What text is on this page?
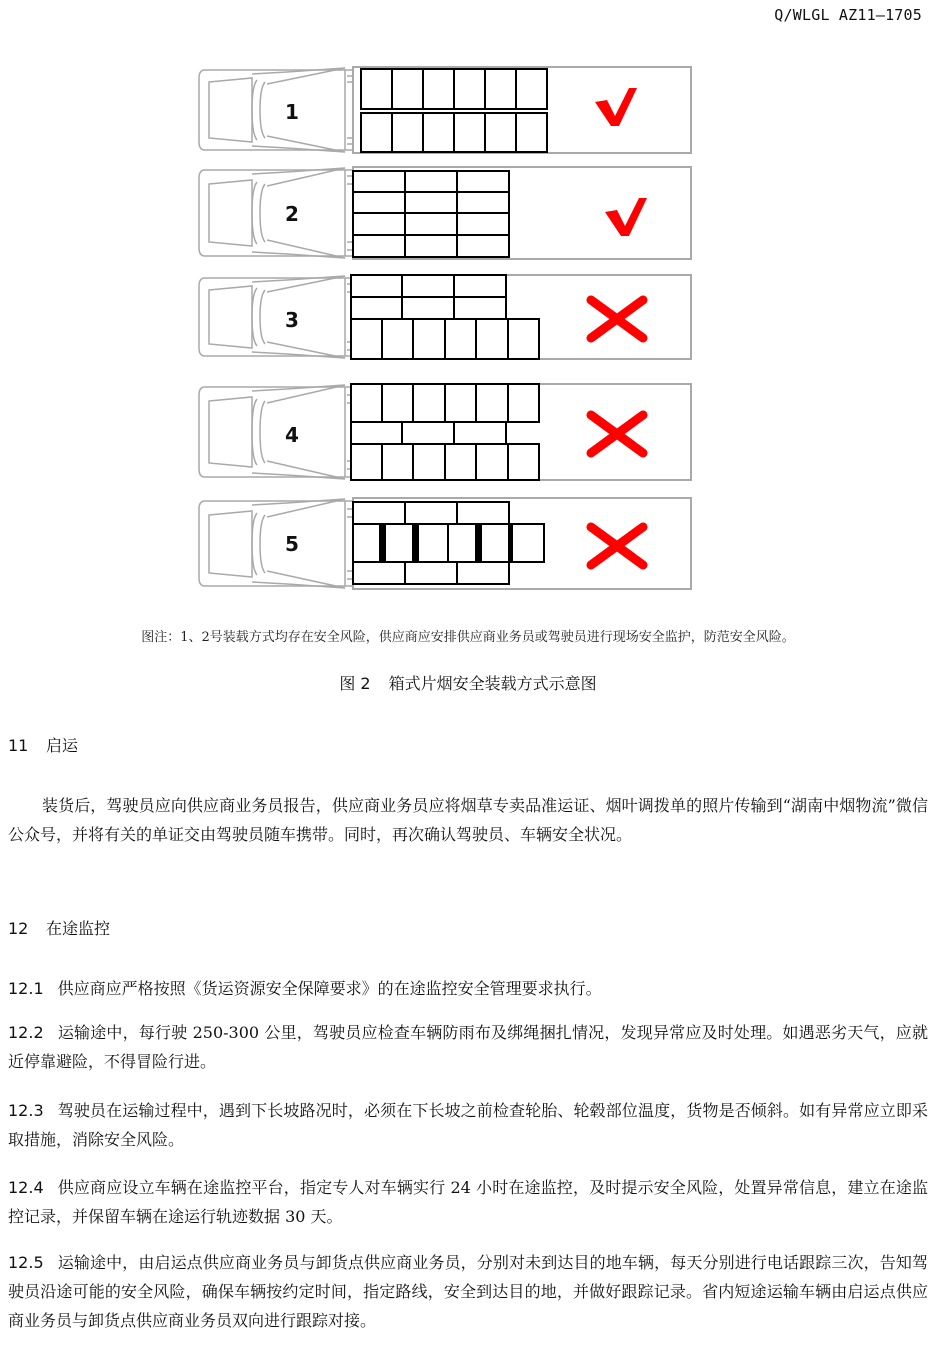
Q/WLGL AZ11—1705
1
2
3
4
5
图注：1、2号装载方式均存在安全风险，供应商应安排供应商业务员或驾驶员进行现场安全监护，防范安全风险。
图 2 箱式片烟安全装载方式示意图
11 启运
装货后，驾驶员应向供应商业务员报告，供应商业务员应将烟草专卖品准运证、烟叶调拨单的照片传输到“湖南中烟物流”微信公众号，并将有关的单证交由驾驶员随车携带。同时，再次确认驾驶员、车辆安全状况。
12 在途监控
12.1 供应商应严格按照《货运资源安全保障要求》的在途监控安全管理要求执行。
12.2 运输途中，每行驶 250-300 公里，驾驶员应检查车辆防雨布及绑绳捆扎情况，发现异常应及时处理。如遇恶劣天气，应就近停靠避险，不得冒险行进。
12.3 驾驶员在运输过程中，遇到下长坡路况时，必须在下长坡之前检查轮胎、轮毂部位温度，货物是否倾斜。如有异常应立即采取措施，消除安全风险。
12.4 供应商应设立车辆在途监控平台，指定专人对车辆实行 24 小时在途监控，及时提示安全风险，处置异常信息，建立在途监控记录，并保留车辆在途运行轨迹数据 30 天。
12.5 运输途中，由启运点供应商业务员与卸货点供应商业务员，分别对未到达目的地车辆，每天分别进行电话跟踪三次，告知驾驶员沿途可能的安全风险，确保车辆按约定时间，指定路线，安全到达目的地，并做好跟踪记录。省内短途运输车辆由启运点供应商业务员与卸货点供应商业务员双向进行跟踪对接。
